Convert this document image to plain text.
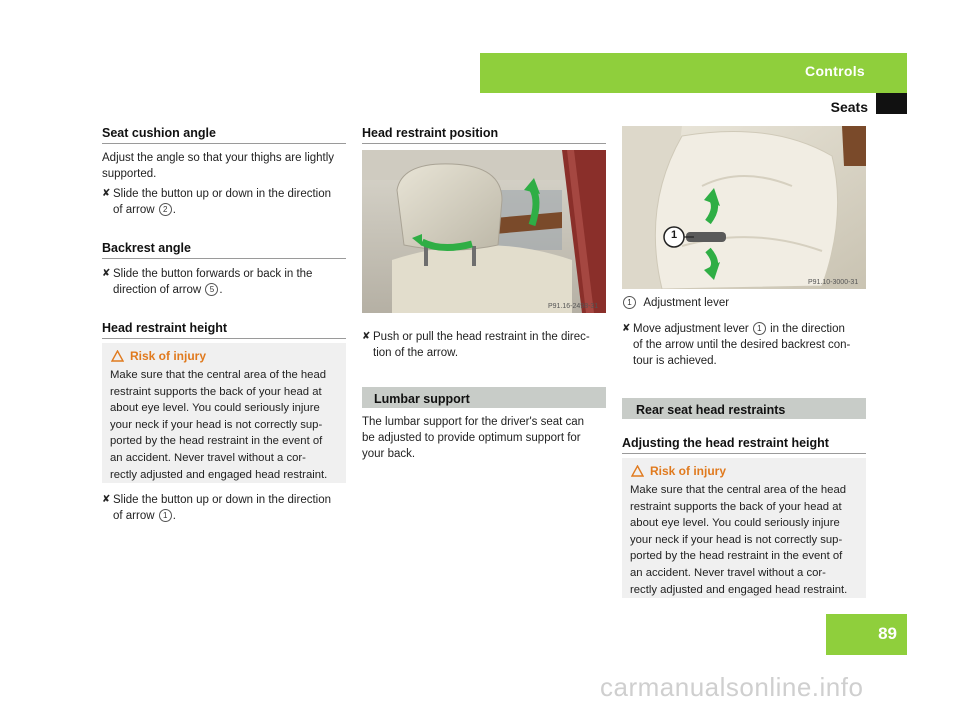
Controls
Seats
Seat cushion angle
Adjust the angle so that your thighs are lightly
supported.
✘ Slide the button up or down in the direction
of arrow 2 .
Backrest angle
✘ Slide the button forwards or back in the
direction of arrow 5 .
Head restraint height
Risk of injury
Make sure that the central area of the head
restraint supports the back of your head at
about eye level. You could seriously injure
your neck if your head is not correctly sup-
ported by the head restraint in the event of
an accident. Never travel without a cor-
rectly adjusted and engaged head restraint.
✘ Slide the button up or down in the direction
of arrow 1 .
Head restraint position
P91.16-2498-31
✘ Push or pull the head restraint in the direc-
tion of the arrow.
Lumbar support
The lumbar support for the driver's seat can
be adjusted to provide optimum support for
your back.
1
P91.10-3000-31
1 Adjustment lever
✘ Move adjustment lever 1 in the direction
of the arrow until the desired backrest con-
tour is achieved.
Rear seat head restraints
Adjusting the head restraint height
Risk of injury
Make sure that the central area of the head
restraint supports the back of your head at
about eye level. You could seriously injure
your neck if your head is not correctly sup-
ported by the head restraint in the event of
an accident. Never travel without a cor-
rectly adjusted and engaged head restraint.
89
carmanualsonline.info
